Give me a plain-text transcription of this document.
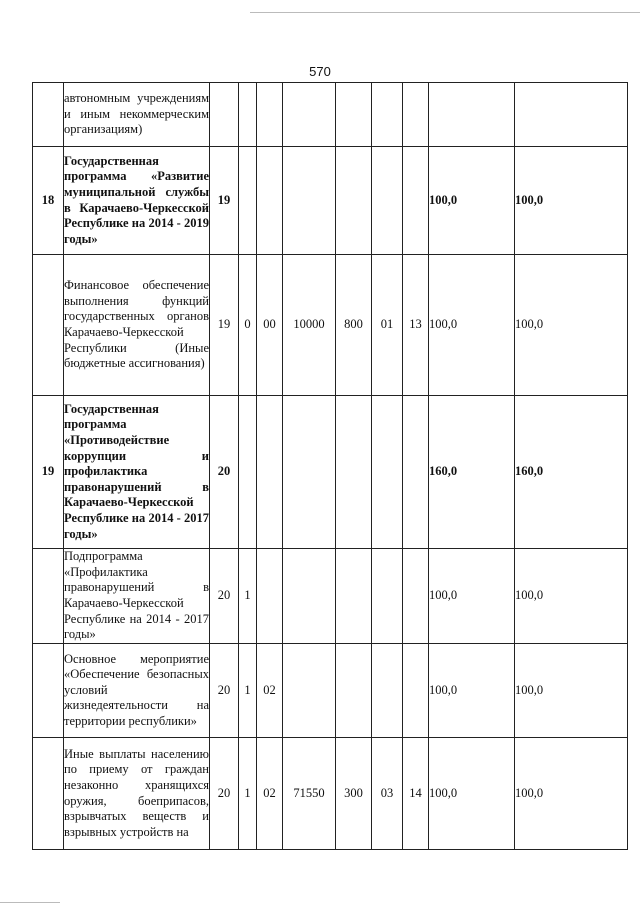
570
	автономным учреждениям и иным некоммерческим организациям)									
18	Государственная программа «Развитие муниципальной службы в Карачаево-Черкесской Республике на 2014 - 2019 годы»	19							100,0	100,0
	Финансовое обеспечение выполнения функций государственных органов Карачаево-Черкесской Республики (Иные бюджетные ассигнования)	19	0	00	10000	800	01	13	100,0	100,0
19	Государственная программа «Противодействие коррупции и профилактика правонарушений в Карачаево-Черкесской Республике на 2014 - 2017 годы»	20							160,0	160,0
	Подпрограмма «Профилактика правонарушений в Карачаево-Черкесской Республике на 2014 - 2017 годы»	20	1						100,0	100,0
	Основное мероприятие «Обеспечение безопасных условий жизнедеятельности на территории республики»	20	1	02					100,0	100,0
	Иные выплаты населению по приему от граждан незаконно хранящихся оружия, боеприпасов, взрывчатых веществ и взрывных устройств на	20	1	02	71550	300	03	14	100,0	100,0
